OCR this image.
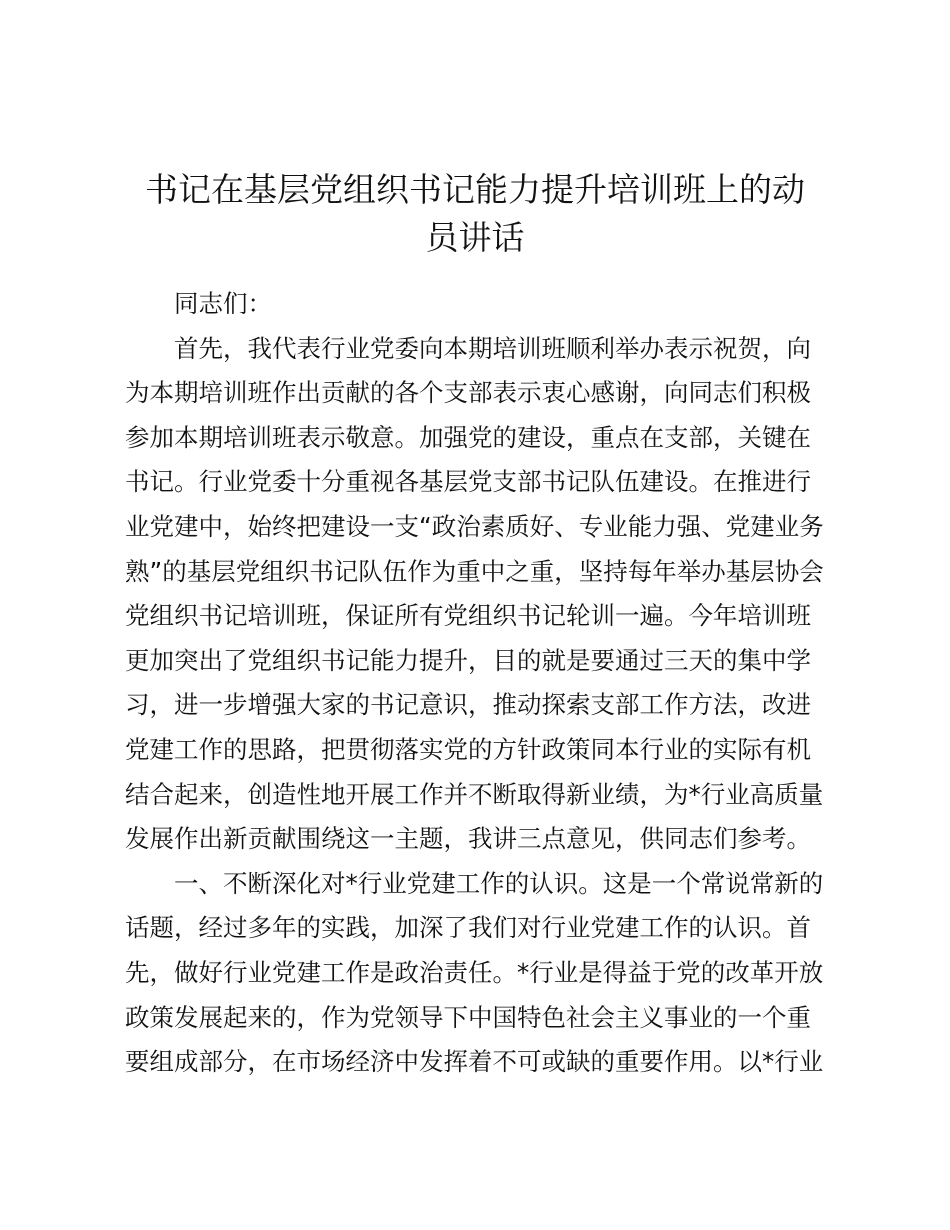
书记在基层党组织书记能力提升培训班上的动
员讲话
同志们：
首先，我代表行业党委向本期培训班顺利举办表示祝贺，向
为本期培训班作出贡献的各个支部表示衷心感谢，向同志们积极
参加本期培训班表示敬意。加强党的建设，重点在支部，关键在
书记。行业党委十分重视各基层党支部书记队伍建设。在推进行
业党建中，始终把建设一支“政治素质好、专业能力强、党建业务
熟”的基层党组织书记队伍作为重中之重，坚持每年举办基层协会
党组织书记培训班，保证所有党组织书记轮训一遍。今年培训班
更加突出了党组织书记能力提升，目的就是要通过三天的集中学
习，进一步增强大家的书记意识，推动探索支部工作方法，改进
党建工作的思路，把贯彻落实党的方针政策同本行业的实际有机
结合起来，创造性地开展工作并不断取得新业绩，为*行业高质量
发展作出新贡献围绕这一主题，我讲三点意见，供同志们参考。
一、不断深化对*行业党建工作的认识。这是一个常说常新的
话题，经过多年的实践，加深了我们对行业党建工作的认识。首
先，做好行业党建工作是政治责任。*行业是得益于党的改革开放
政策发展起来的，作为党领导下中国特色社会主义事业的一个重
要组成部分，在市场经济中发挥着不可或缺的重要作用。以*行业
